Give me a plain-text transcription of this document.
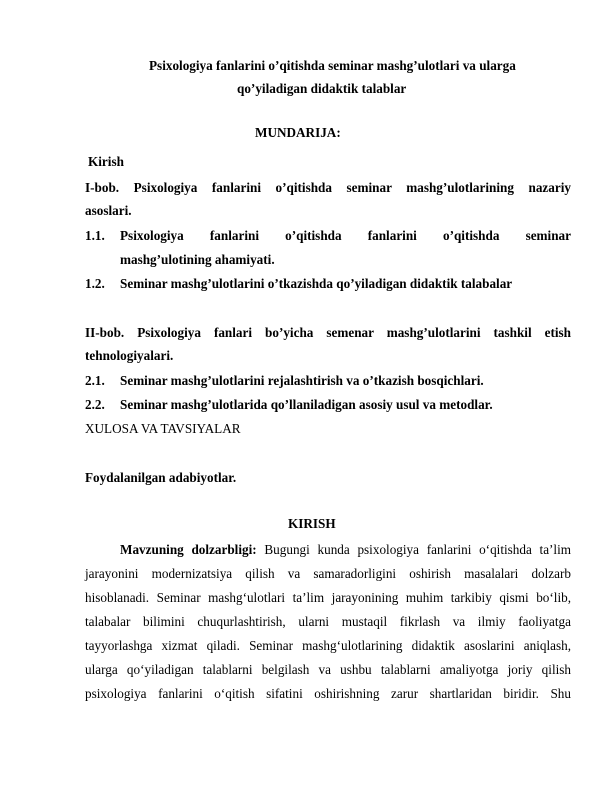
Psixologiya fanlarini o’qitishda seminar mashg’ulotlari va ularga
qo’yiladigan didaktik talablar
MUNDARIJA:
Kirish
I-bob. Psixologiya fanlarini o’qitishda seminar mashg’ulotlarining nazariy
asoslari.
1.1. Psixologiya fanlarini o’qitishda fanlarini o’qitishda seminar
mashg’ulotining ahamiyati.
1.2. Seminar mashg’ulotlarini o’tkazishda qo’yiladigan didaktik talabalar
II-bob. Psixologiya fanlari bo’yicha semenar mashg’ulotlarini tashkil etish
tehnologiyalari.
2.1. Seminar mashg’ulotlarini rejalashtirish va o’tkazish bosqichlari.
2.2. Seminar mashg’ulotlarida qo’llaniladigan asosiy usul va metodlar.
XULOSA VA TAVSIYALAR
Foydalanilgan adabiyotlar.
KIRISH
Mavzuning dolzarbligi: Bugungi kunda psixologiya fanlarini o‘qitishda ta’lim
jarayonini modernizatsiya qilish va samaradorligini oshirish masalalari dolzarb
hisoblanadi. Seminar mashg‘ulotlari ta’lim jarayonining muhim tarkibiy qismi bo‘lib,
talabalar bilimini chuqurlashtirish, ularni mustaqil fikrlash va ilmiy faoliyatga
tayyorlashga xizmat qiladi. Seminar mashg‘ulotlarining didaktik asoslarini aniqlash,
ularga qo‘yiladigan talablarni belgilash va ushbu talablarni amaliyotga joriy qilish
psixologiya fanlarini o‘qitish sifatini oshirishning zarur shartlaridan biridir. Shu
